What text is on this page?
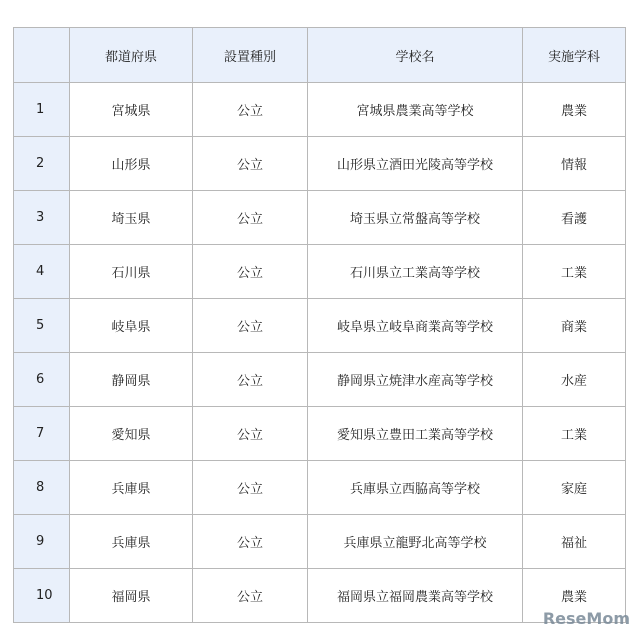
	都道府県	設置種別	学校名	実施学科
1	宮城県	公立	宮城県農業高等学校	農業
2	山形県	公立	山形県立酒田光陵高等学校	情報
3	埼玉県	公立	埼玉県立常盤高等学校	看護
4	石川県	公立	石川県立工業高等学校	工業
5	岐阜県	公立	岐阜県立岐阜商業高等学校	商業
6	静岡県	公立	静岡県立焼津水産高等学校	水産
7	愛知県	公立	愛知県立豊田工業高等学校	工業
8	兵庫県	公立	兵庫県立西脇高等学校	家庭
9	兵庫県	公立	兵庫県立龍野北高等学校	福祉
10	福岡県	公立	福岡県立福岡農業高等学校	農業
ReseMom
